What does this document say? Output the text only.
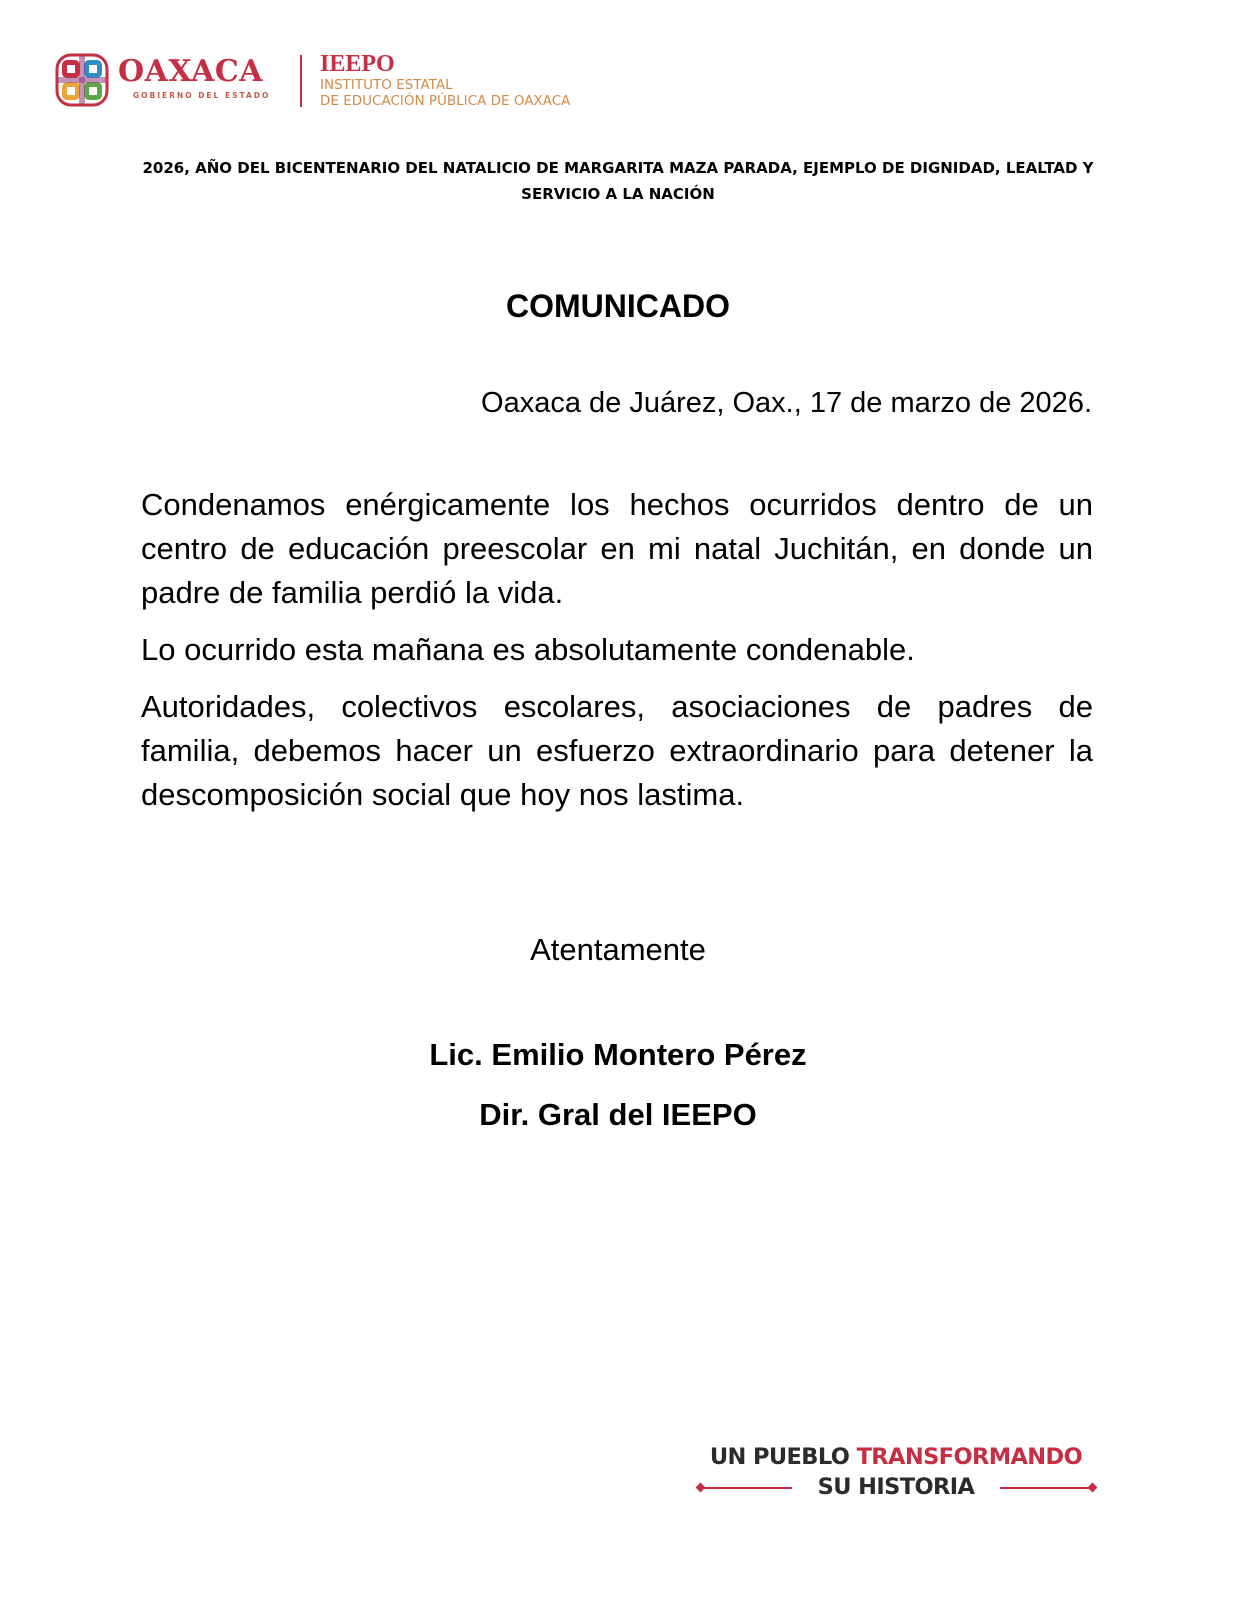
OAXACA
GOBIERNO DEL ESTADO
IEEPO
INSTITUTO ESTATAL
DE EDUCACIÓN PÚBLICA DE OAXACA
2026, AÑO DEL BICENTENARIO DEL NATALICIO DE MARGARITA MAZA PARADA, EJEMPLO DE DIGNIDAD, LEALTAD Y SERVICIO A LA NACIÓN
COMUNICADO
Oaxaca de Juárez, Oax., 17 de marzo de 2026.

Condenamos enérgicamente los hechos ocurridos dentro de un centro de educación preescolar en mi natal Juchitán, en donde un padre de familia perdió la vida.

Lo ocurrido esta mañana es absolutamente condenable.

Autoridades, colectivos escolares, asociaciones de padres de familia, debemos hacer un esfuerzo extraordinario para detener la descomposición social que hoy nos lastima.

Atentamente
Lic. Emilio Montero Pérez
Dir. Gral del IEEPO
UN PUEBLO TRANSFORMANDO
SU HISTORIA
